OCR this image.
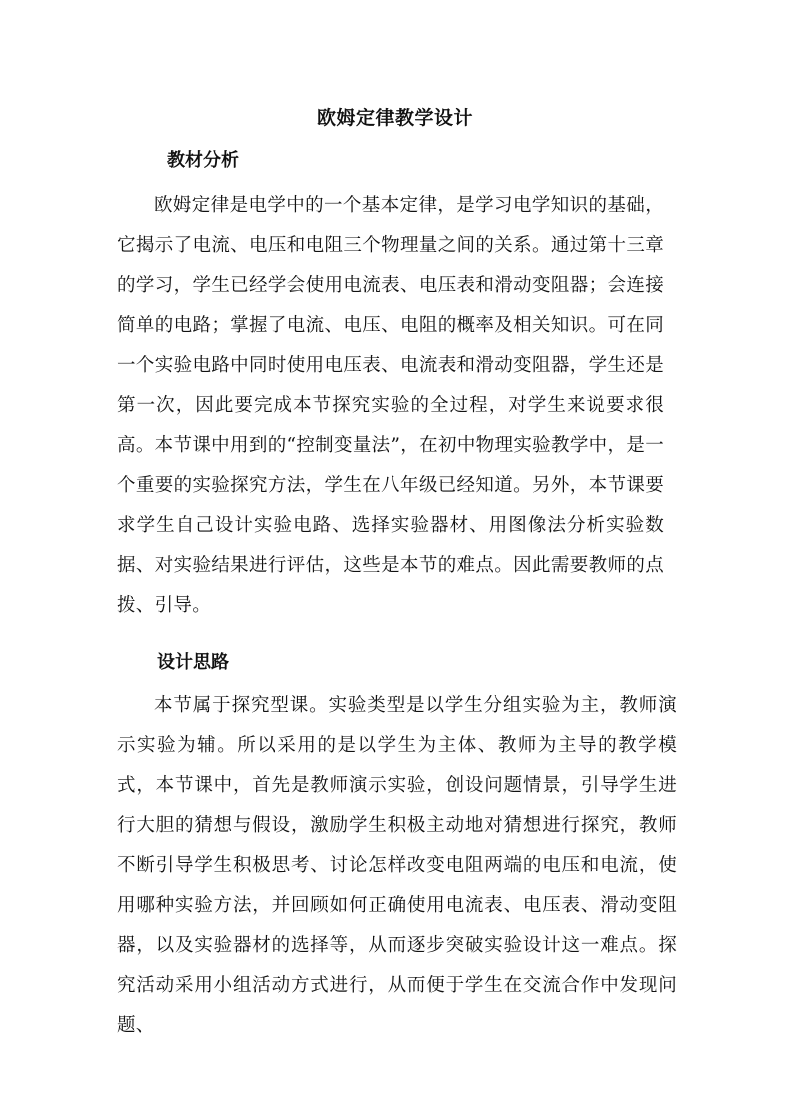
欧姆定律教学设计
教材分析
欧姆定律是电学中的一个基本定律，是学习电学知识的基础，它揭示了电流、电压和电阻三个物理量之间的关系。通过第十三章的学习，学生已经学会使用电流表、电压表和滑动变阻器；会连接简单的电路；掌握了电流、电压、电阻的概率及相关知识。可在同一个实验电路中同时使用电压表、电流表和滑动变阻器，学生还是第一次，因此要完成本节探究实验的全过程，对学生来说要求很高。本节课中用到的“控制变量法”，在初中物理实验教学中，是一个重要的实验探究方法，学生在八年级已经知道。另外，本节课要求学生自己设计实验电路、选择实验器材、用图像法分析实验数据、对实验结果进行评估，这些是本节的难点。因此需要教师的点拨、引导。
设计思路
本节属于探究型课。实验类型是以学生分组实验为主，教师演示实验为辅。所以采用的是以学生为主体、教师为主导的教学模式，本节课中，首先是教师演示实验，创设问题情景，引导学生进行大胆的猜想与假设，激励学生积极主动地对猜想进行探究，教师不断引导学生积极思考、讨论怎样改变电阻两端的电压和电流，使用哪种实验方法，并回顾如何正确使用电流表、电压表、滑动变阻器，以及实验器材的选择等，从而逐步突破实验设计这一难点。探究活动采用小组活动方式进行，从而便于学生在交流合作中发现问题、
